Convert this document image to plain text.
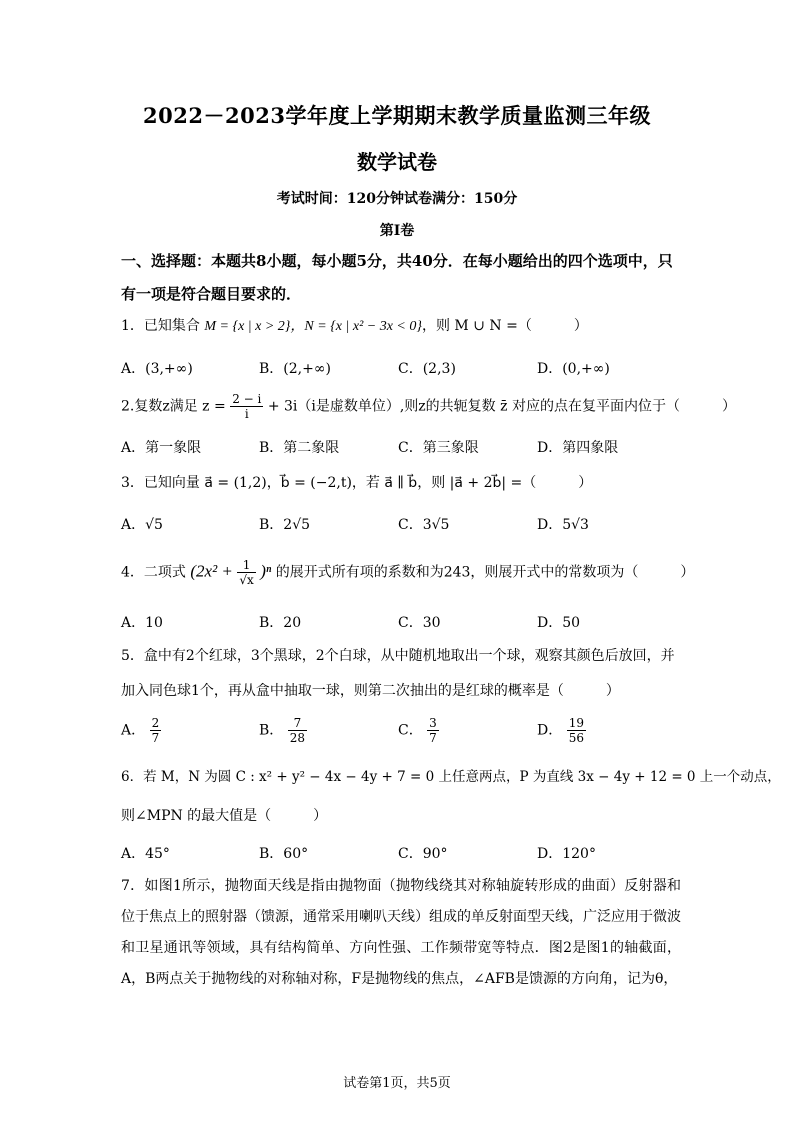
2022－2023学年度上学期期末教学质量监测三年级
数学试卷
考试时间：120分钟试卷满分：150分
第Ⅰ卷
一、选择题：本题共8小题，每小题5分，共40分．在每小题给出的四个选项中，只有一项是符合题目要求的．
1．已知集合 M = {x | x > 2}，N = {x | x² − 3x < 0}，则 M ∪ N =（　　　）
A．(3,+∞)	B．(2,+∞)	C．(2,3)	D．(0,+∞)
2.复数z满足 $z = \frac{2 - i}{i} + 3i(i$是虚数单位）,则z的共轭复数 z̄ 对应的点在复平面内位于（　　　）
A．第一象限	B．第二象限	C．第三象限	D．第四象限
3．已知向量 a⃗ = (1,2)，b⃗ = (−2,t)，若 a⃗ ∥ b⃗，则 |a⃗ + 2b⃗| =（　　　）
A．√5	B．2√5	C．3√5	D．5√3
4．二项式 $(2x^2 + \frac{1}{√x} )^n$ 的展开式所有项的系数和为243，则展开式中的常数项为（　　　）
A．10	B．20	C．30	D．50
5．盒中有2个红球，3个黑球，2个白球，从中随机地取出一个球，观察其颜色后放回，并
加入同色球1个，再从盒中抽取一球，则第二次抽出的是红球的概率是（　　　）
A． $\frac{2}{7}$	B． $\frac{7}{28}$	C． $\frac{3}{7}$	D． $\frac{19}{56}$
6．若 M，N 为圆 C : x² + y² − 4x − 4y + 7 = 0 上任意两点，P 为直线 3x − 4y + 12 = 0 上一个动点，
则∠MPN 的最大值是（　　　）
A．45°	B．60°	C．90°	D．120°
7．如图1所示，抛物面天线是指由抛物面（抛物线绕其对称轴旋转形成的曲面）反射器和位于焦点上的照射器（馈源，通常采用喇叭天线）组成的单反射面型天线，广泛应用于微波和卫星通讯等领域，具有结构简单、方向性强、工作频带宽等特点．图2是图1的轴截面，A，B两点关于抛物线的对称轴对称，F是抛物线的焦点，∠AFB是馈源的方向角，记为θ，
试卷第1页，共5页
